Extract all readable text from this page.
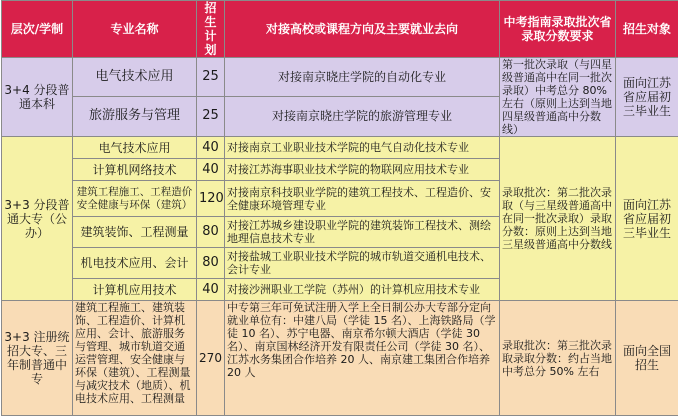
层次/学制	专业名称	招生计划	对接高校或课程方向及主要就业去向	中考指南录取批次省录取分数要求	招生对象
3+4 分段普通本科	电气技术应用	25	对接南京晓庄学院的自动化专业	第一批次录取（与四星级普通高中在同一批次录取）中考总分 80% 左右（原则上达到当地四星级普通高中分数线）	面向江苏省应届初三毕业生
	旅游服务与管理	25	对接南京晓庄学院的旅游管理专业		
3+3 分段普通大专（公办）	电气技术应用	40	对接南京工业职业技术学院的电气自动化技术专业	录取批次：第二批次录取（与三星级普通高中在同一批次录取）录取分数：原则上达到当地三星级普通高中分数线	面向江苏省应届初三毕业生
	计算机网络技术	40	对接江苏海事职业技术学院的物联网应用技术专业		
	建筑工程施工、工程造价安全健康与环保（建筑）	120	对接南京科技职业学院的建筑工程技术、工程造价、安全健康环境管理专业		
	建筑装饰、工程测量	80	对接江苏城乡建设职业学院的建筑装饰工程技术、测绘地理信息技术专业		
	机电技术应用、会计	80	对接盐城工业职业技术学院的城市轨道交通机电技术、会计专业		
	计算机应用技术	40	对接沙洲职业工学院（苏州）的计算机应用技术专业		
3+3 注册统招大专、三年制普通中专	建筑工程施工、建筑装饰、工程造价、计算机应用、会计、旅游服务与管理、城市轨道交通运营管理、安全健康与环保（建筑）、工程测量与减灾技术（地质）、机电技术应用、工程测量	270	中专第三年可免试注册入学上全日制公办大专部分定向就业单位有：中建八局（学徒 15 名）、上海铁路局（学徒 10 名）、苏宁电器、南京希尔顿大酒店（学徒 30 名）、南京国林经济开发有限责任公司（学徒 30 名）、江苏水务集团合作培养 20 人、南京建工集团合作培养 20 人	录取批次：第三批次录取录取分数：约占当地中考总分 50% 左右	面向全国招生
